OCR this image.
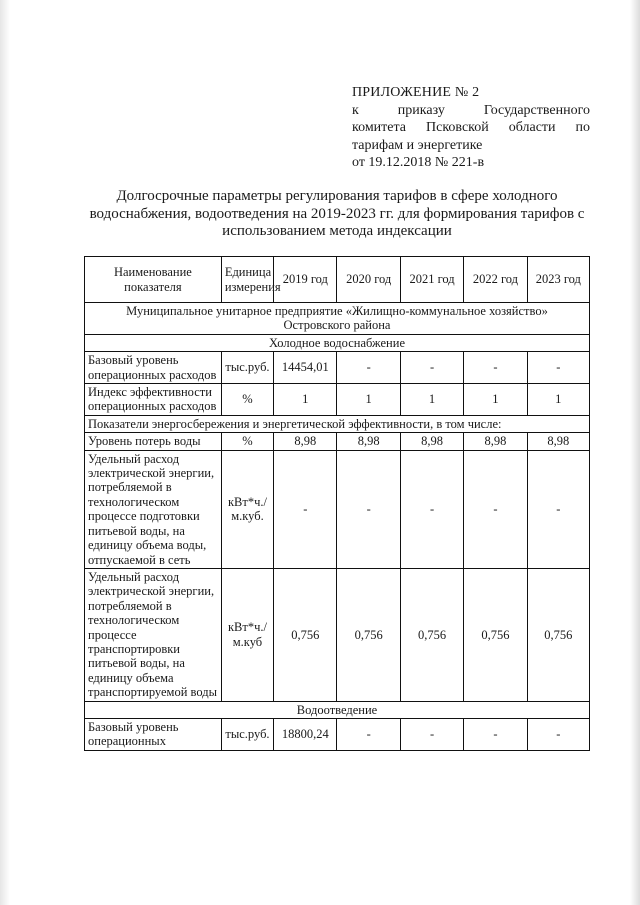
ПРИЛОЖЕНИЕ № 2
к приказу Государственного
комитета Псковской области по
тарифам и энергетике
от 19.12.2018 № 221-в
Долгосрочные параметры регулирования тарифов в сфере холодного
водоснабжения, водоотведения на 2019-2023 гг. для формирования тарифов с
использованием метода индексации
Наименование показателя	Единица измерения	2019 год	2020 год	2021 год	2022 год	2023 год

Муниципальное унитарное предприятие «Жилищно-коммунальное хозяйство»
Островского района						

Холодное водоснабжение						
Базовый уровень операционных расходов	тыс.руб.	14454,01	-	-	-	-
Индекс эффективности операционных расходов	%	1	1	1	1	1
Показатели энергосбережения и энергетической эффективности, в том числе:						
Уровень потерь воды	%	8,98	8,98	8,98	8,98	8,98
Удельный расход электрической энергии, потребляемой в технологическом процессе подготовки питьевой воды, на единицу объема воды, отпускаемой в сеть	кВт*ч./м.куб.	-	-	-	-	-
Удельный расход электрической энергии, потребляемой в технологическом процессе транспортировки питьевой воды, на единицу объема транспортируемой воды	кВт*ч./м.куб	0,756	0,756	0,756	0,756	0,756
Водоотведение						
Базовый уровень операционных	тыс.руб.	18800,24	-	-	-	-
